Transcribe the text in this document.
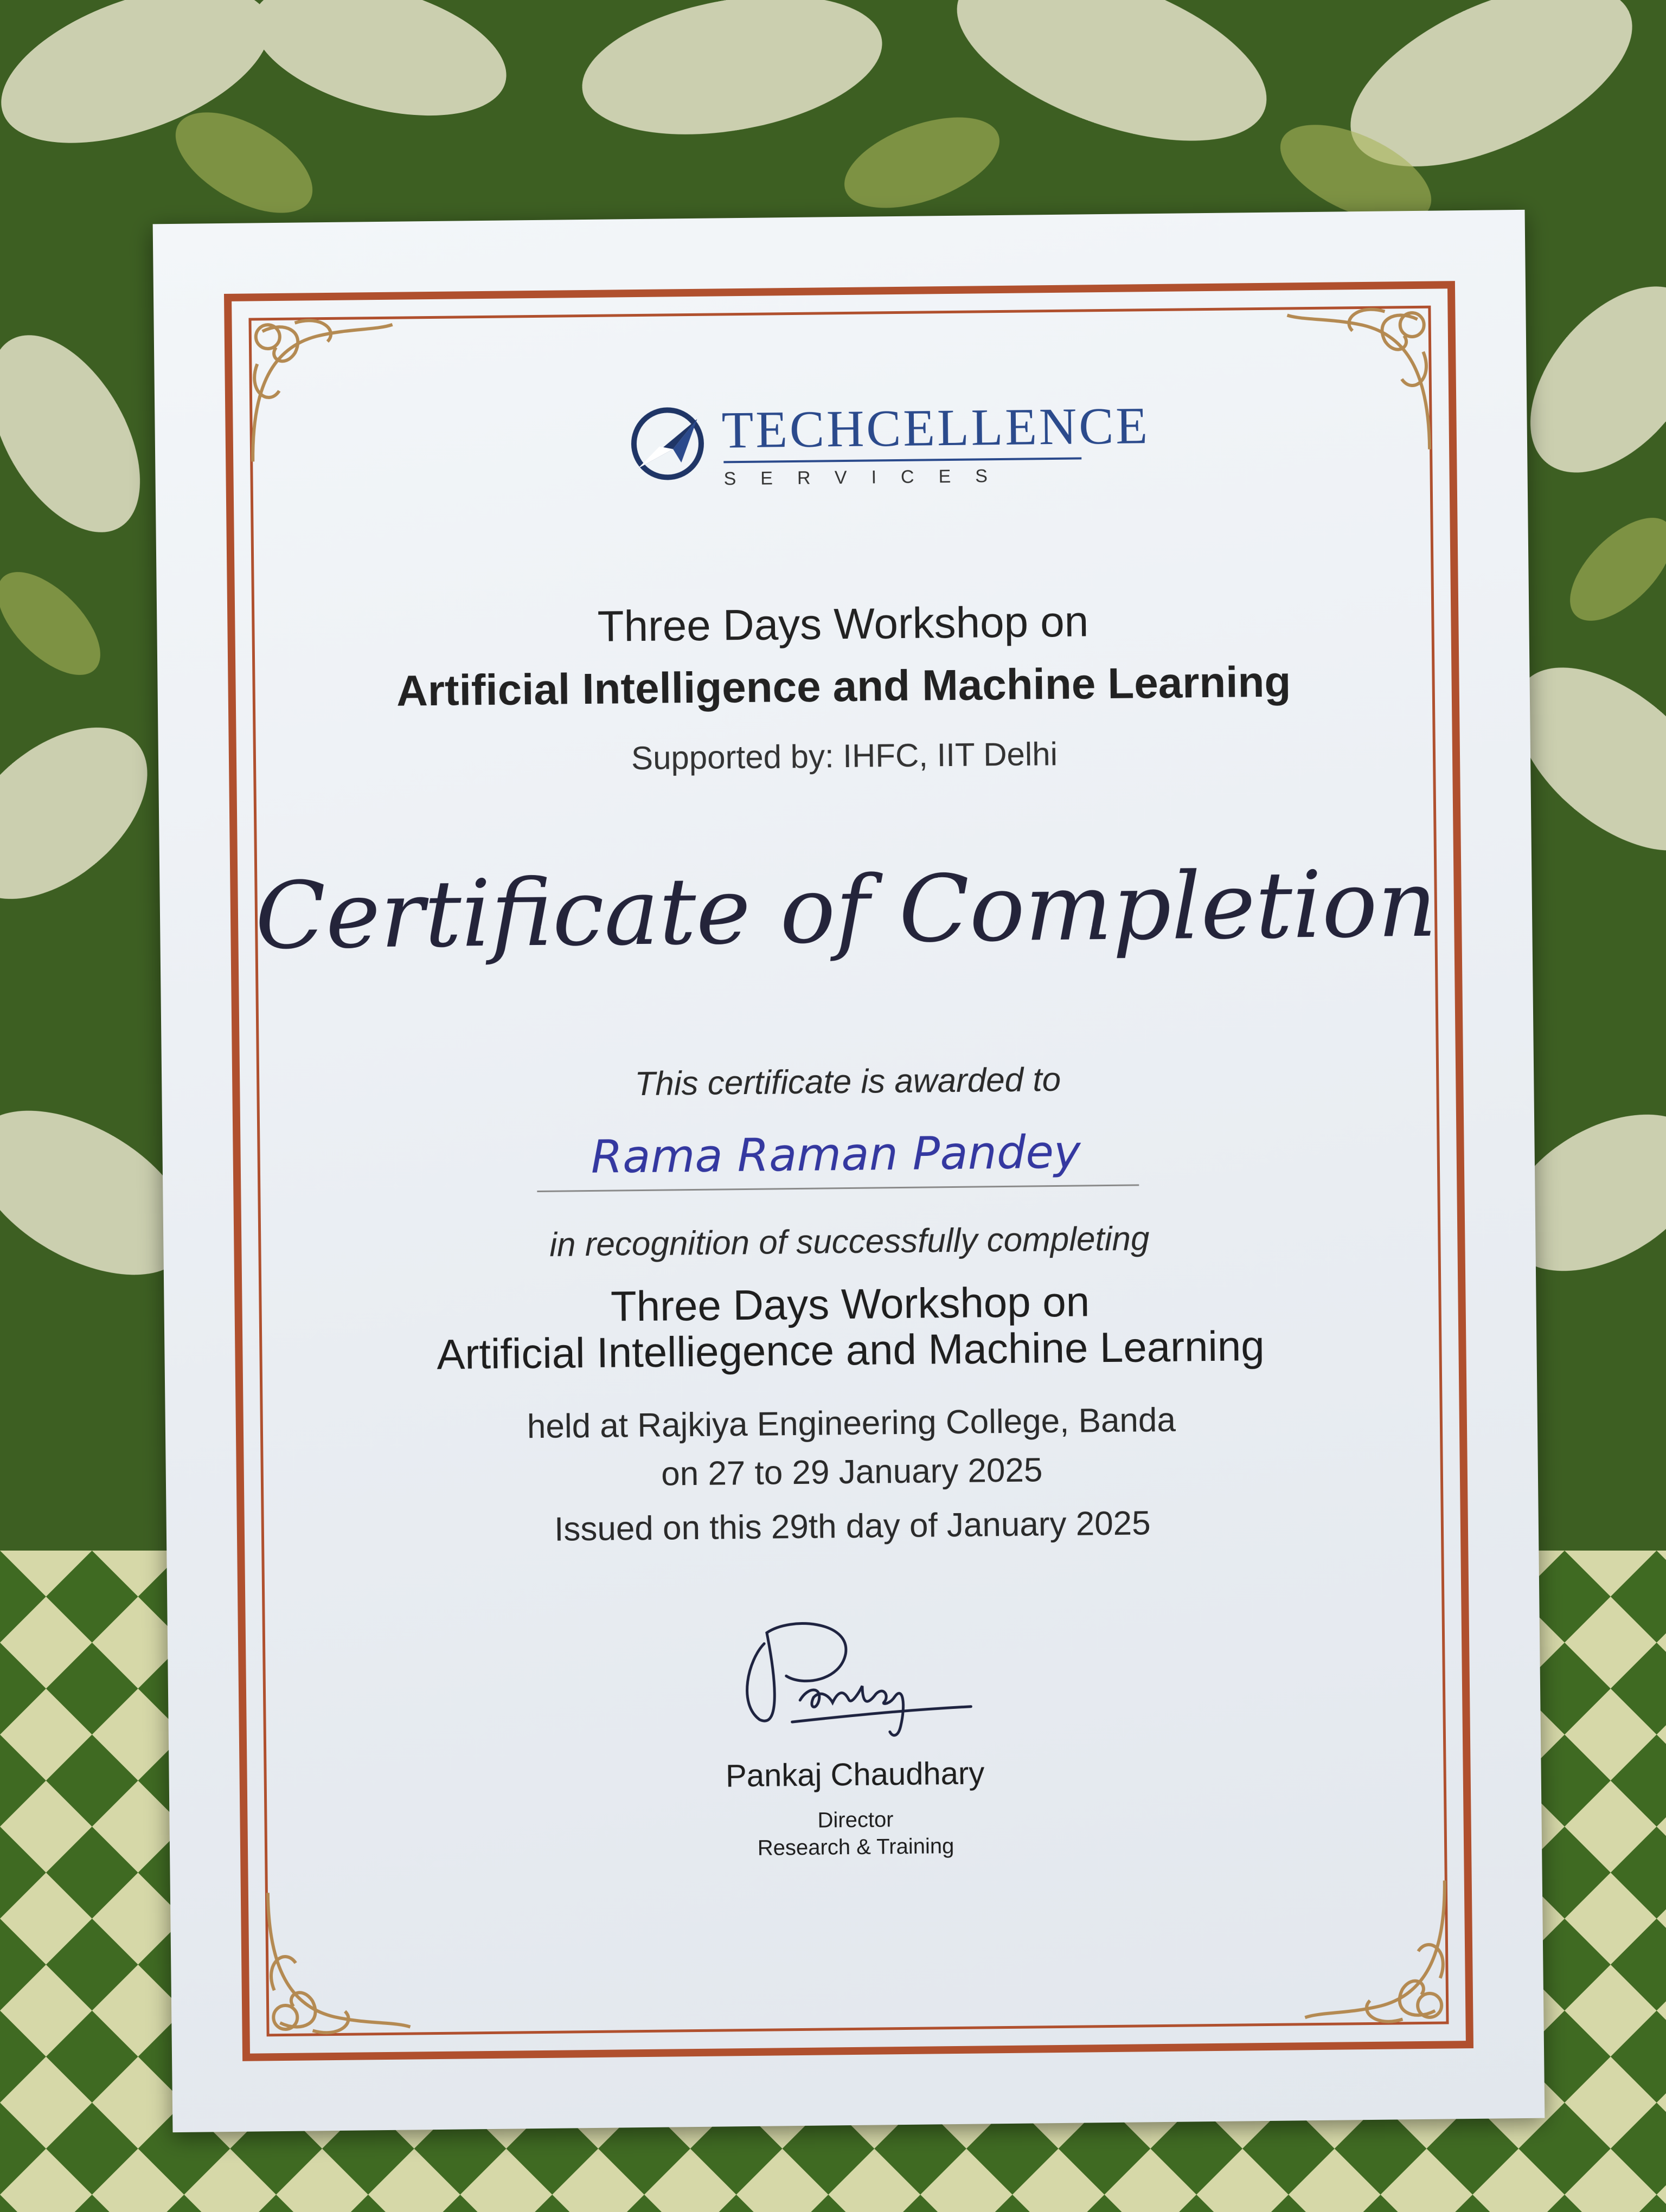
TECHCELLENCE
SERVICES
Three Days Workshop on
Artificial Intelligence and Machine Learning
Supported by: IHFC, IIT Delhi
Certificate of Completion
This certificate is awarded to
Rama Raman Pandey
in recognition of successfully completing
Three Days Workshop on
Artificial Intelliegence and Machine Learning
held at Rajkiya Engineering College, Banda
on 27 to 29 January 2025
Issued on this 29th day of January 2025
Pankaj Chaudhary
Director
Research & Training
